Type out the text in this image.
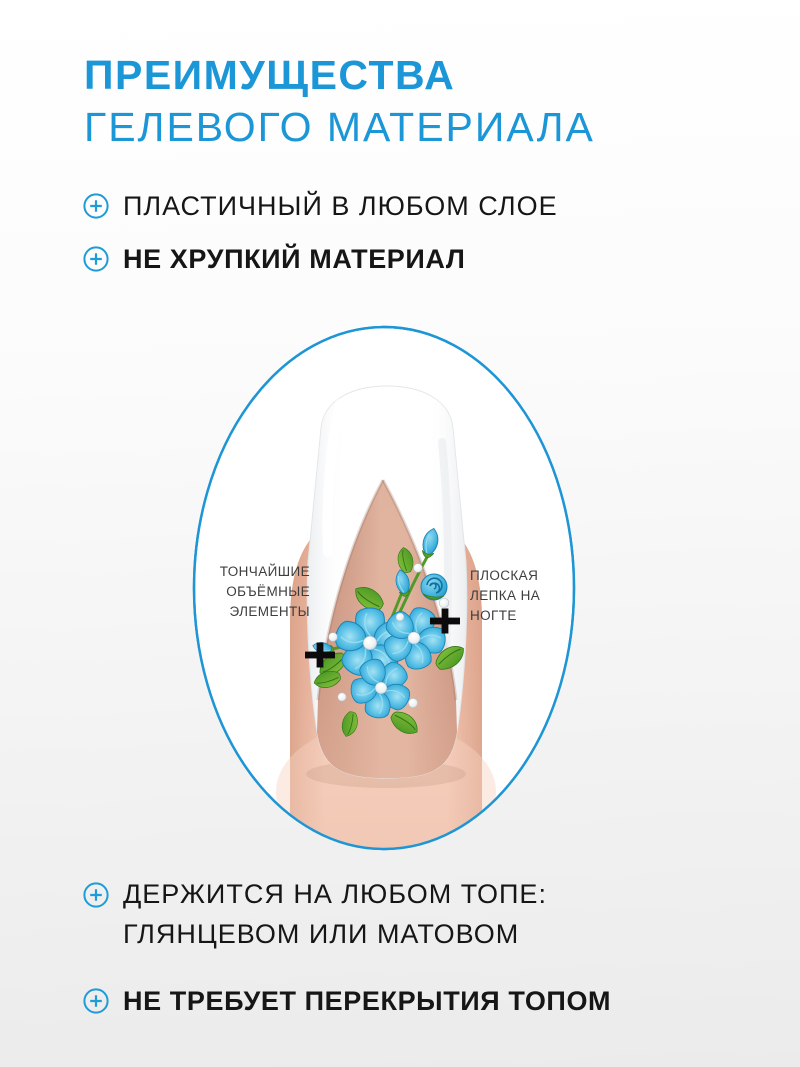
ПРЕИМУЩЕСТВА
ГЕЛЕВОГО МАТЕРИАЛА
ПЛАСТИЧНЫЙ В ЛЮБОМ СЛОЕ
НЕ ХРУПКИЙ МАТЕРИАЛ
ТОНЧАЙШИЕ
ОБЪЁМНЫЕ
ЭЛЕМЕНТЫ
ПЛОСКАЯ
ЛЕПКА НА
НОГТЕ
ДЕРЖИТСЯ НА ЛЮБОМ ТОПЕ:
ГЛЯНЦЕВОМ ИЛИ МАТОВОМ
НЕ ТРЕБУЕТ ПЕРЕКРЫТИЯ ТОПОМ
